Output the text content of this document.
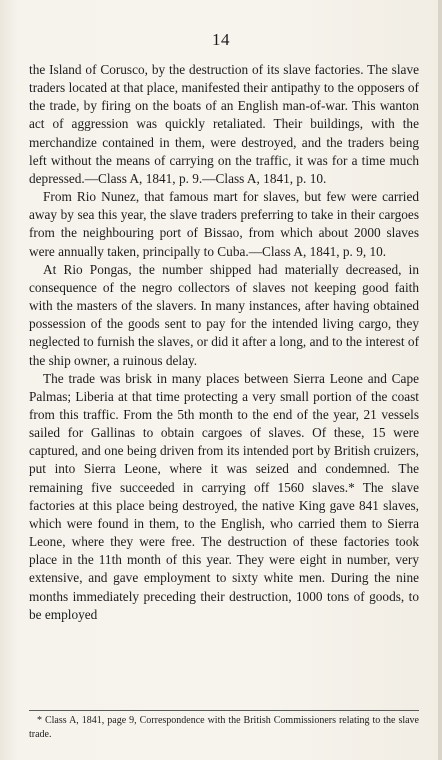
14

the Island of Corusco, by the destruction of its slave factories. The slave traders located at that place, manifested their antipathy to the opposers of the trade, by firing on the boats of an English man-of-war. This wanton act of aggression was quickly retaliated. Their buildings, with the merchandize contained in them, were destroyed, and the traders being left without the means of carrying on the traffic, it was for a time much depressed.—Class A, 1841, p. 9.—Class A, 1841, p. 10.

From Rio Nunez, that famous mart for slaves, but few were carried away by sea this year, the slave traders preferring to take in their cargoes from the neighbouring port of Bissao, from which about 2000 slaves were annually taken, principally to Cuba.—Class A, 1841, p. 9, 10.

At Rio Pongas, the number shipped had materially decreased, in consequence of the negro collectors of slaves not keeping good faith with the masters of the slavers. In many instances, after having obtained possession of the goods sent to pay for the intended living cargo, they neglected to furnish the slaves, or did it after a long, and to the interest of the ship owner, a ruinous delay.

The trade was brisk in many places between Sierra Leone and Cape Palmas; Liberia at that time protecting a very small portion of the coast from this traffic. From the 5th month to the end of the year, 21 vessels sailed for Gallinas to obtain cargoes of slaves. Of these, 15 were captured, and one being driven from its intended port by British cruizers, put into Sierra Leone, where it was seized and condemned. The remaining five succeeded in carrying off 1560 slaves.* The slave factories at this place being destroyed, the native King gave 841 slaves, which were found in them, to the English, who carried them to Sierra Leone, where they were free. The destruction of these factories took place in the 11th month of this year. They were eight in number, very extensive, and gave employment to sixty white men. During the nine months immediately preceding their destruction, 1000 tons of goods, to be employed

* Class A, 1841, page 9, Correspondence with the British Commissioners relating to the slave trade.
